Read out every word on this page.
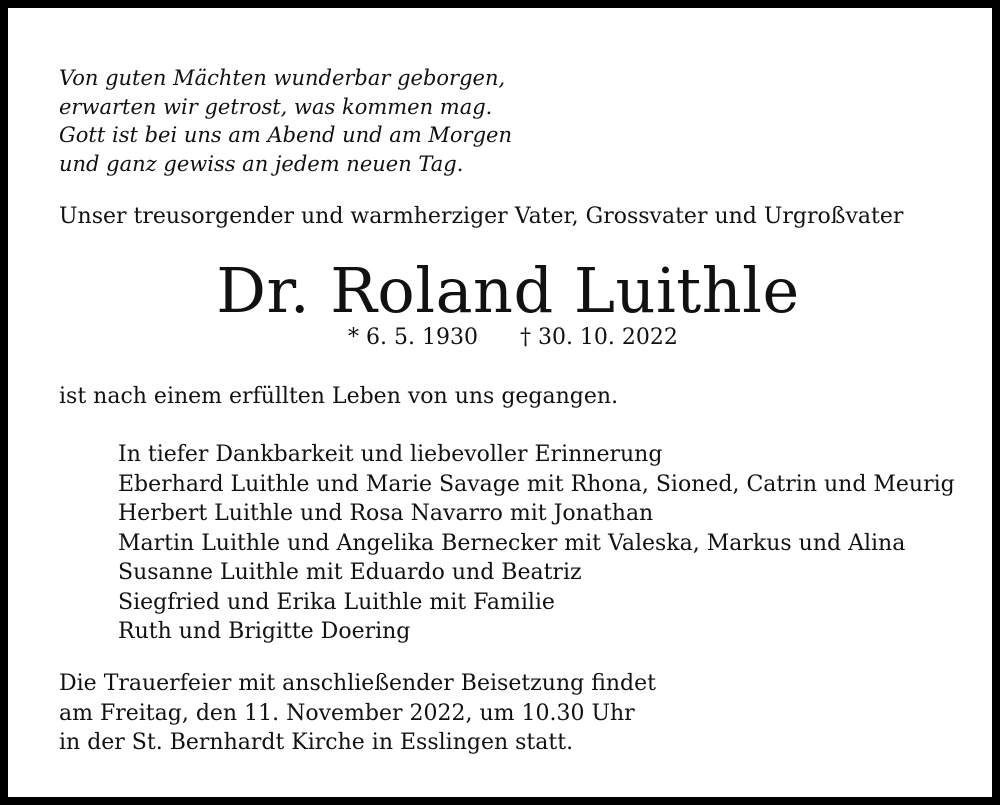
Von guten Mächten wunderbar geborgen,
erwarten wir getrost, was kommen mag.
Gott ist bei uns am Abend und am Morgen
und ganz gewiss an jedem neuen Tag.
Unser treusorgender und warmherziger Vater, Grossvater und Urgroßvater
Dr. Roland Luithle
* 6. 5. 1930 † 30. 10. 2022
ist nach einem erfüllten Leben von uns gegangen.
In tiefer Dankbarkeit und liebevoller Erinnerung
Eberhard Luithle und Marie Savage mit Rhona, Sioned, Catrin und Meurig
Herbert Luithle und Rosa Navarro mit Jonathan
Martin Luithle und Angelika Bernecker mit Valeska, Markus und Alina
Susanne Luithle mit Eduardo und Beatriz
Siegfried und Erika Luithle mit Familie
Ruth und Brigitte Doering
Die Trauerfeier mit anschließender Beisetzung findet
am Freitag, den 11. November 2022, um 10.30 Uhr
in der St. Bernhardt Kirche in Esslingen statt.
